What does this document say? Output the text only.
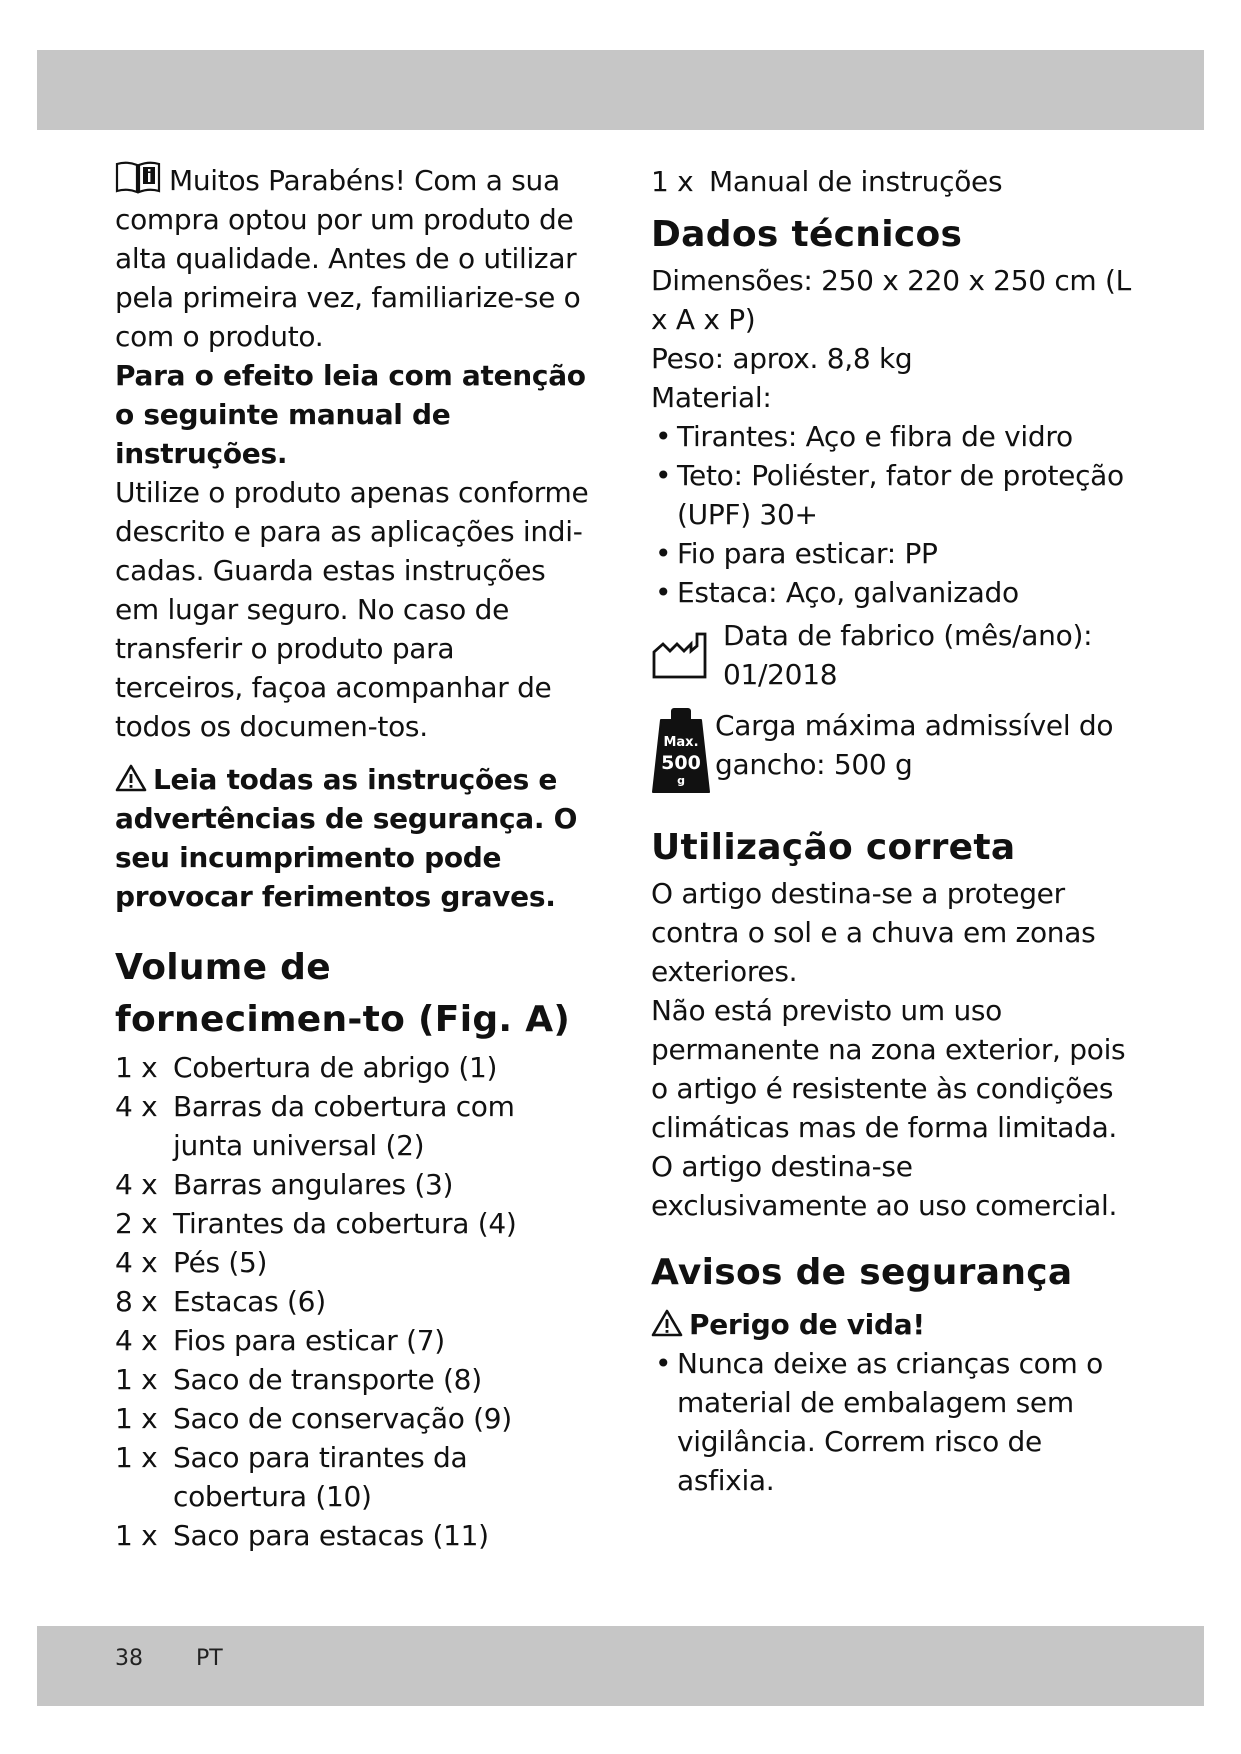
Muitos Parabéns! Com a sua compra optou por um produto de alta qualidade. Antes de o utilizar pela primeira vez, familiarize-se o com o produto.

Para o efeito leia com atenção o seguinte manual de instruções.

Utilize o produto apenas conforme descrito e para as aplicações indi-cadas. Guarda estas instruções em lugar seguro. No caso de transferir o produto para terceiros, façoa acompanhar de todos os documen-tos.

Leia todas as instruções e advertências de segurança. O seu incumprimento pode provocar ferimentos graves.

Volume de fornecimen-to (Fig. A)
1 x Cobertura de abrigo (1)
4 x Barras da cobertura com junta universal (2)
4 x Barras angulares (3)
2 x Tirantes da cobertura (4)
4 x Pés (5)
8 x Estacas (6)
4 x Fios para esticar (7)
1 x Saco de transporte (8)
1 x Saco de conservação (9)
1 x Saco para tirantes da cobertura (10)
1 x Saco para estacas (11)
1 x Manual de instruções
Dados técnicos

Dimensões: 250 x 220 x 250 cm (L x A x P)

Peso: aprox. 8,8 kg

Material:

• Tirantes: Aço e fibra de vidro
• Teto: Poliéster, fator de proteção (UPF) 30+
• Fio para esticar: PP
• Estaca: Aço, galvanizado

Data de fabrico (mês/ano): 01/2018

Max.
500
g

Carga máxima admissível do gancho: 500 g

Utilização correta

O artigo destina-se a proteger contra o sol e a chuva em zonas exteriores.

Não está previsto um uso permanente na zona exterior, pois o artigo é resistente às condições climáticas mas de forma limitada. O artigo destina-se exclusivamente ao uso comercial.

Avisos de segurança

Perigo de vida!

• Nunca deixe as crianças com o material de embalagem sem vigilância. Correm risco de asfixia.
38 PT
